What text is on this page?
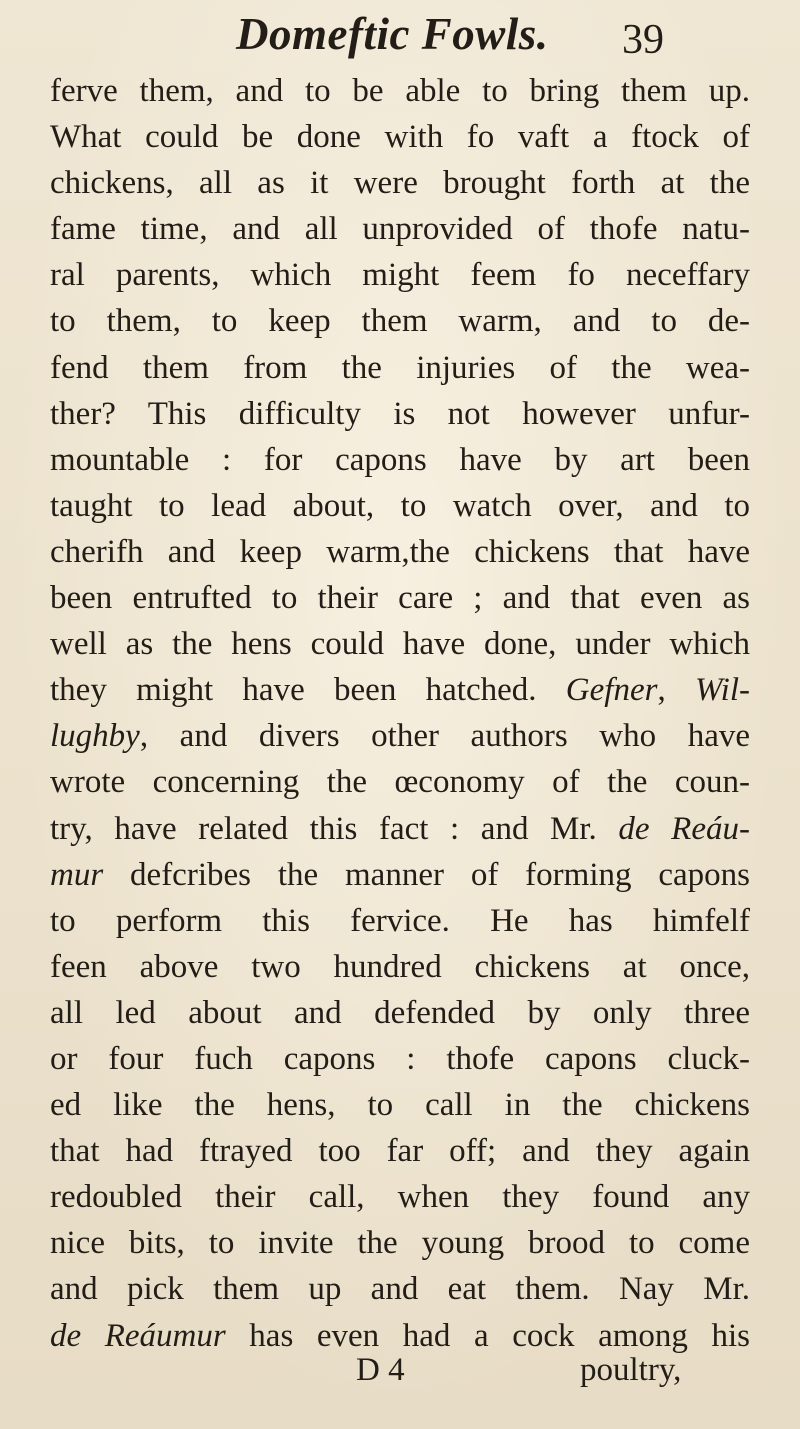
Domeftic Fowls. 39
ferve them, and to be able to bring them up.
What could be done with fo vaft a ftock of
chickens, all as it were brought forth at the
fame time, and all unprovided of thofe natu-
ral parents, which might feem fo neceffary
to them, to keep them warm, and to de-
fend them from the injuries of the wea-
ther? This difficulty is not however unfur-
mountable : for capons have by art been
taught to lead about, to watch over, and to
cherifh and keep warm,the chickens that have
been entrufted to their care ; and that even as
well as the hens could have done, under which
they might have been hatched. Gefner, Wil-
lughby, and divers other authors who have
wrote concerning the œconomy of the coun-
try, have related this fact : and Mr. de Reáu-
mur defcribes the manner of forming capons
to perform this fervice. He has himfelf
feen above two hundred chickens at once,
all led about and defended by only three
or four fuch capons : thofe capons cluck-
ed like the hens, to call in the chickens
that had ftrayed too far off; and they again
redoubled their call, when they found any
nice bits, to invite the young brood to come
and pick them up and eat them. Nay Mr.
de Reáumur has even had a cock among his
D 4	poultry,
